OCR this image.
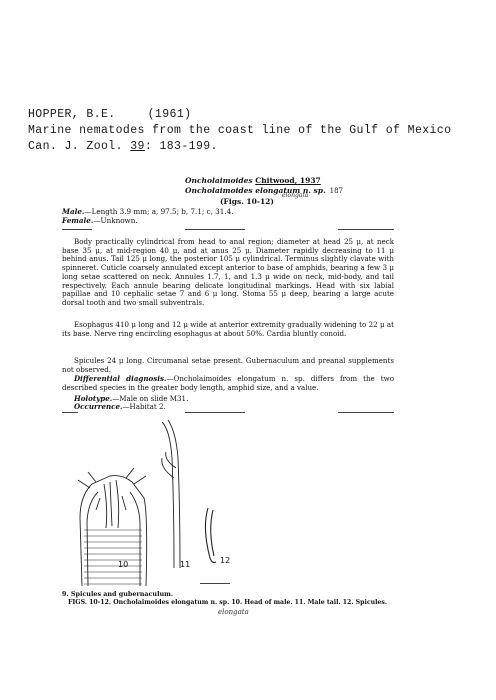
HOPPER, B.E.	(1961)
Marine nematodes from the coast line of the Gulf of Mexico
Can. J. Zool. 39: 183-199.
Oncholaimoides Chitwood, 1937
Oncholaimoides elongatum n. sp. 187
elongata
(Figs. 10-12)
Male.—Length 3.9 mm; a, 97.5; b, 7.1; c, 31.4.
Female.—Unknown.

Body practically cylindrical from head to anal region; diameter at head 25 μ, at neck base 35 μ, at mid-region 40 μ, and at anus 25 μ. Diameter rapidly decreasing to 11 μ behind anus. Tail 125 μ long, the posterior 105 μ cylindrical. Terminus slightly clavate with spinneret. Cuticle coarsely annulated except anterior to base of amphids, bearing a few 3 μ long setae scattered on neck. Annules 1.7, 1, and 1.3 μ wide on neck, mid-body, and tail respectively. Each annule bearing delicate longitudinal markings. Head with six labial papillae and 10 cephalic setae 7 and 6 μ long. Stoma 55 μ deep, bearing a large acute dorsal tooth and two small subventrals.

Esophagus 410 μ long and 12 μ wide at anterior extremity gradually widening to 22 μ at its base. Nerve ring encircling esophagus at about 50%. Cardia bluntly conoid.

Spicules 24 μ long. Circumanal setae present. Gubernaculum and preanal supplements not observed.

Differential diagnosis.—Oncholaimoides elongatum n. sp. differs from the two described species in the greater body length, amphid size, and a value.

Holotype.—Male on slide M31.

Occurrence.—Habitat 2.

10	11	12
9. Spicules and gubernaculum.
FIGS. 10-12. Oncholaimoides elongatum n. sp. 10. Head of male. 11. Male tail. 12. Spicules.
elongata
